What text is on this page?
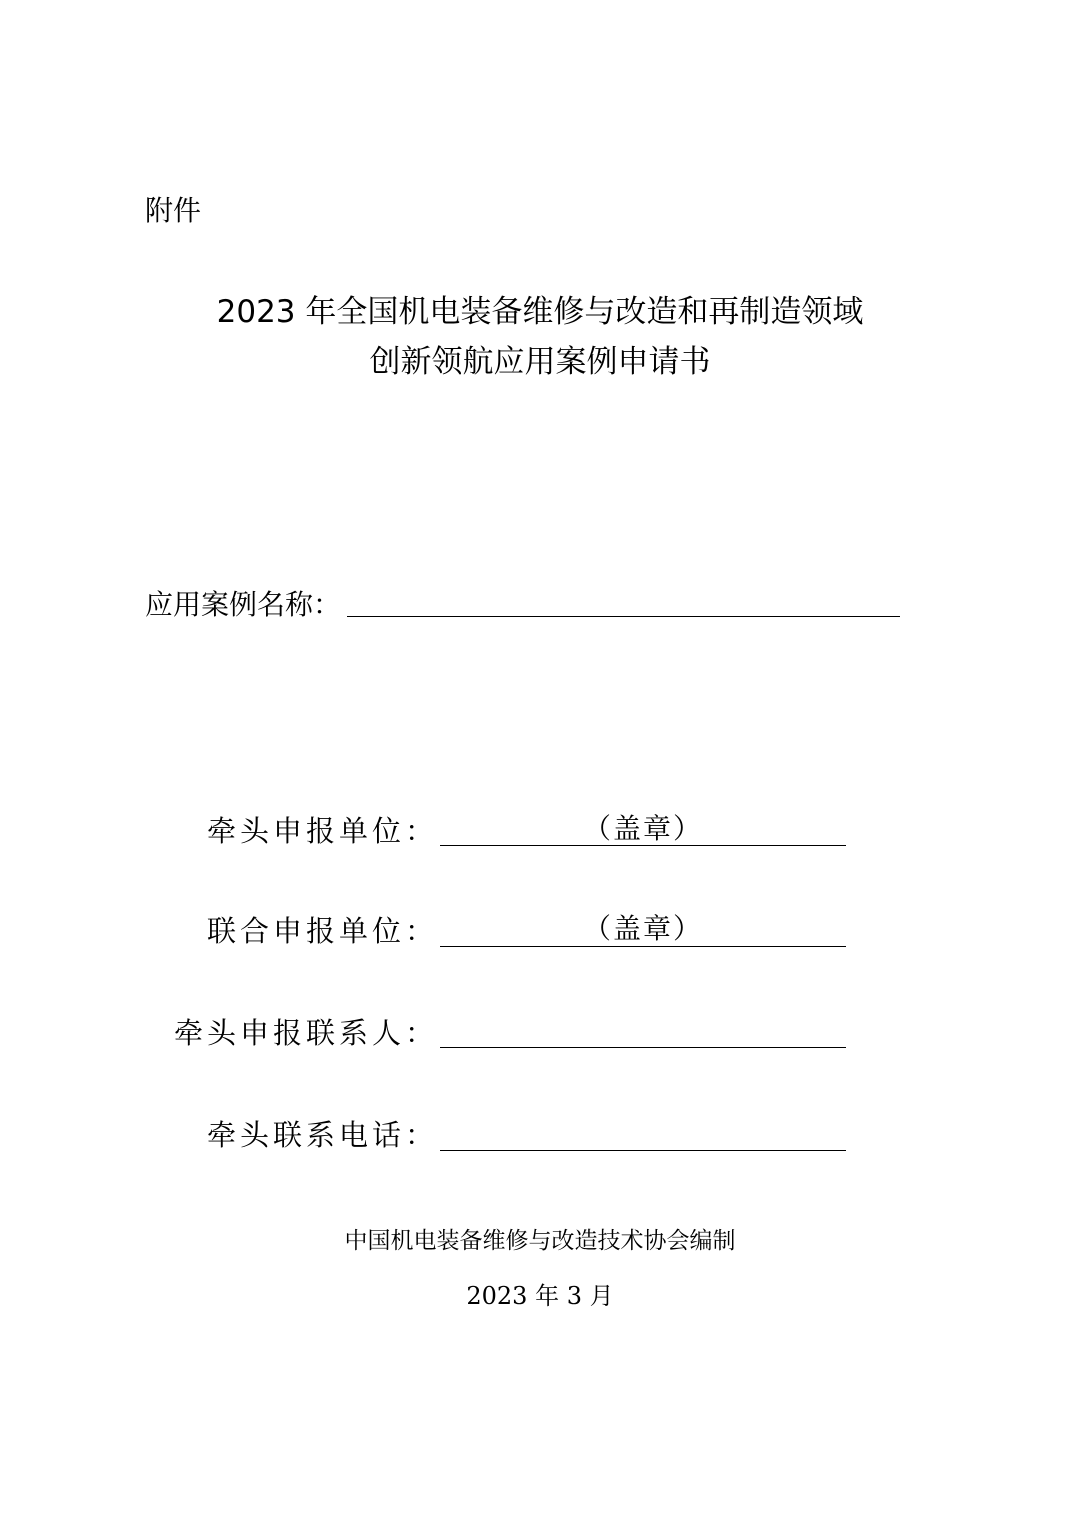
附件
2023 年全国机电装备维修与改造和再制造领域
创新领航应用案例申请书
应用案例名称：
牵头申报单位：	（盖章）
联合申报单位：	（盖章）
牵头申报联系人：
牵头联系电话：
中国机电装备维修与改造技术协会编制
2023 年 3 月
